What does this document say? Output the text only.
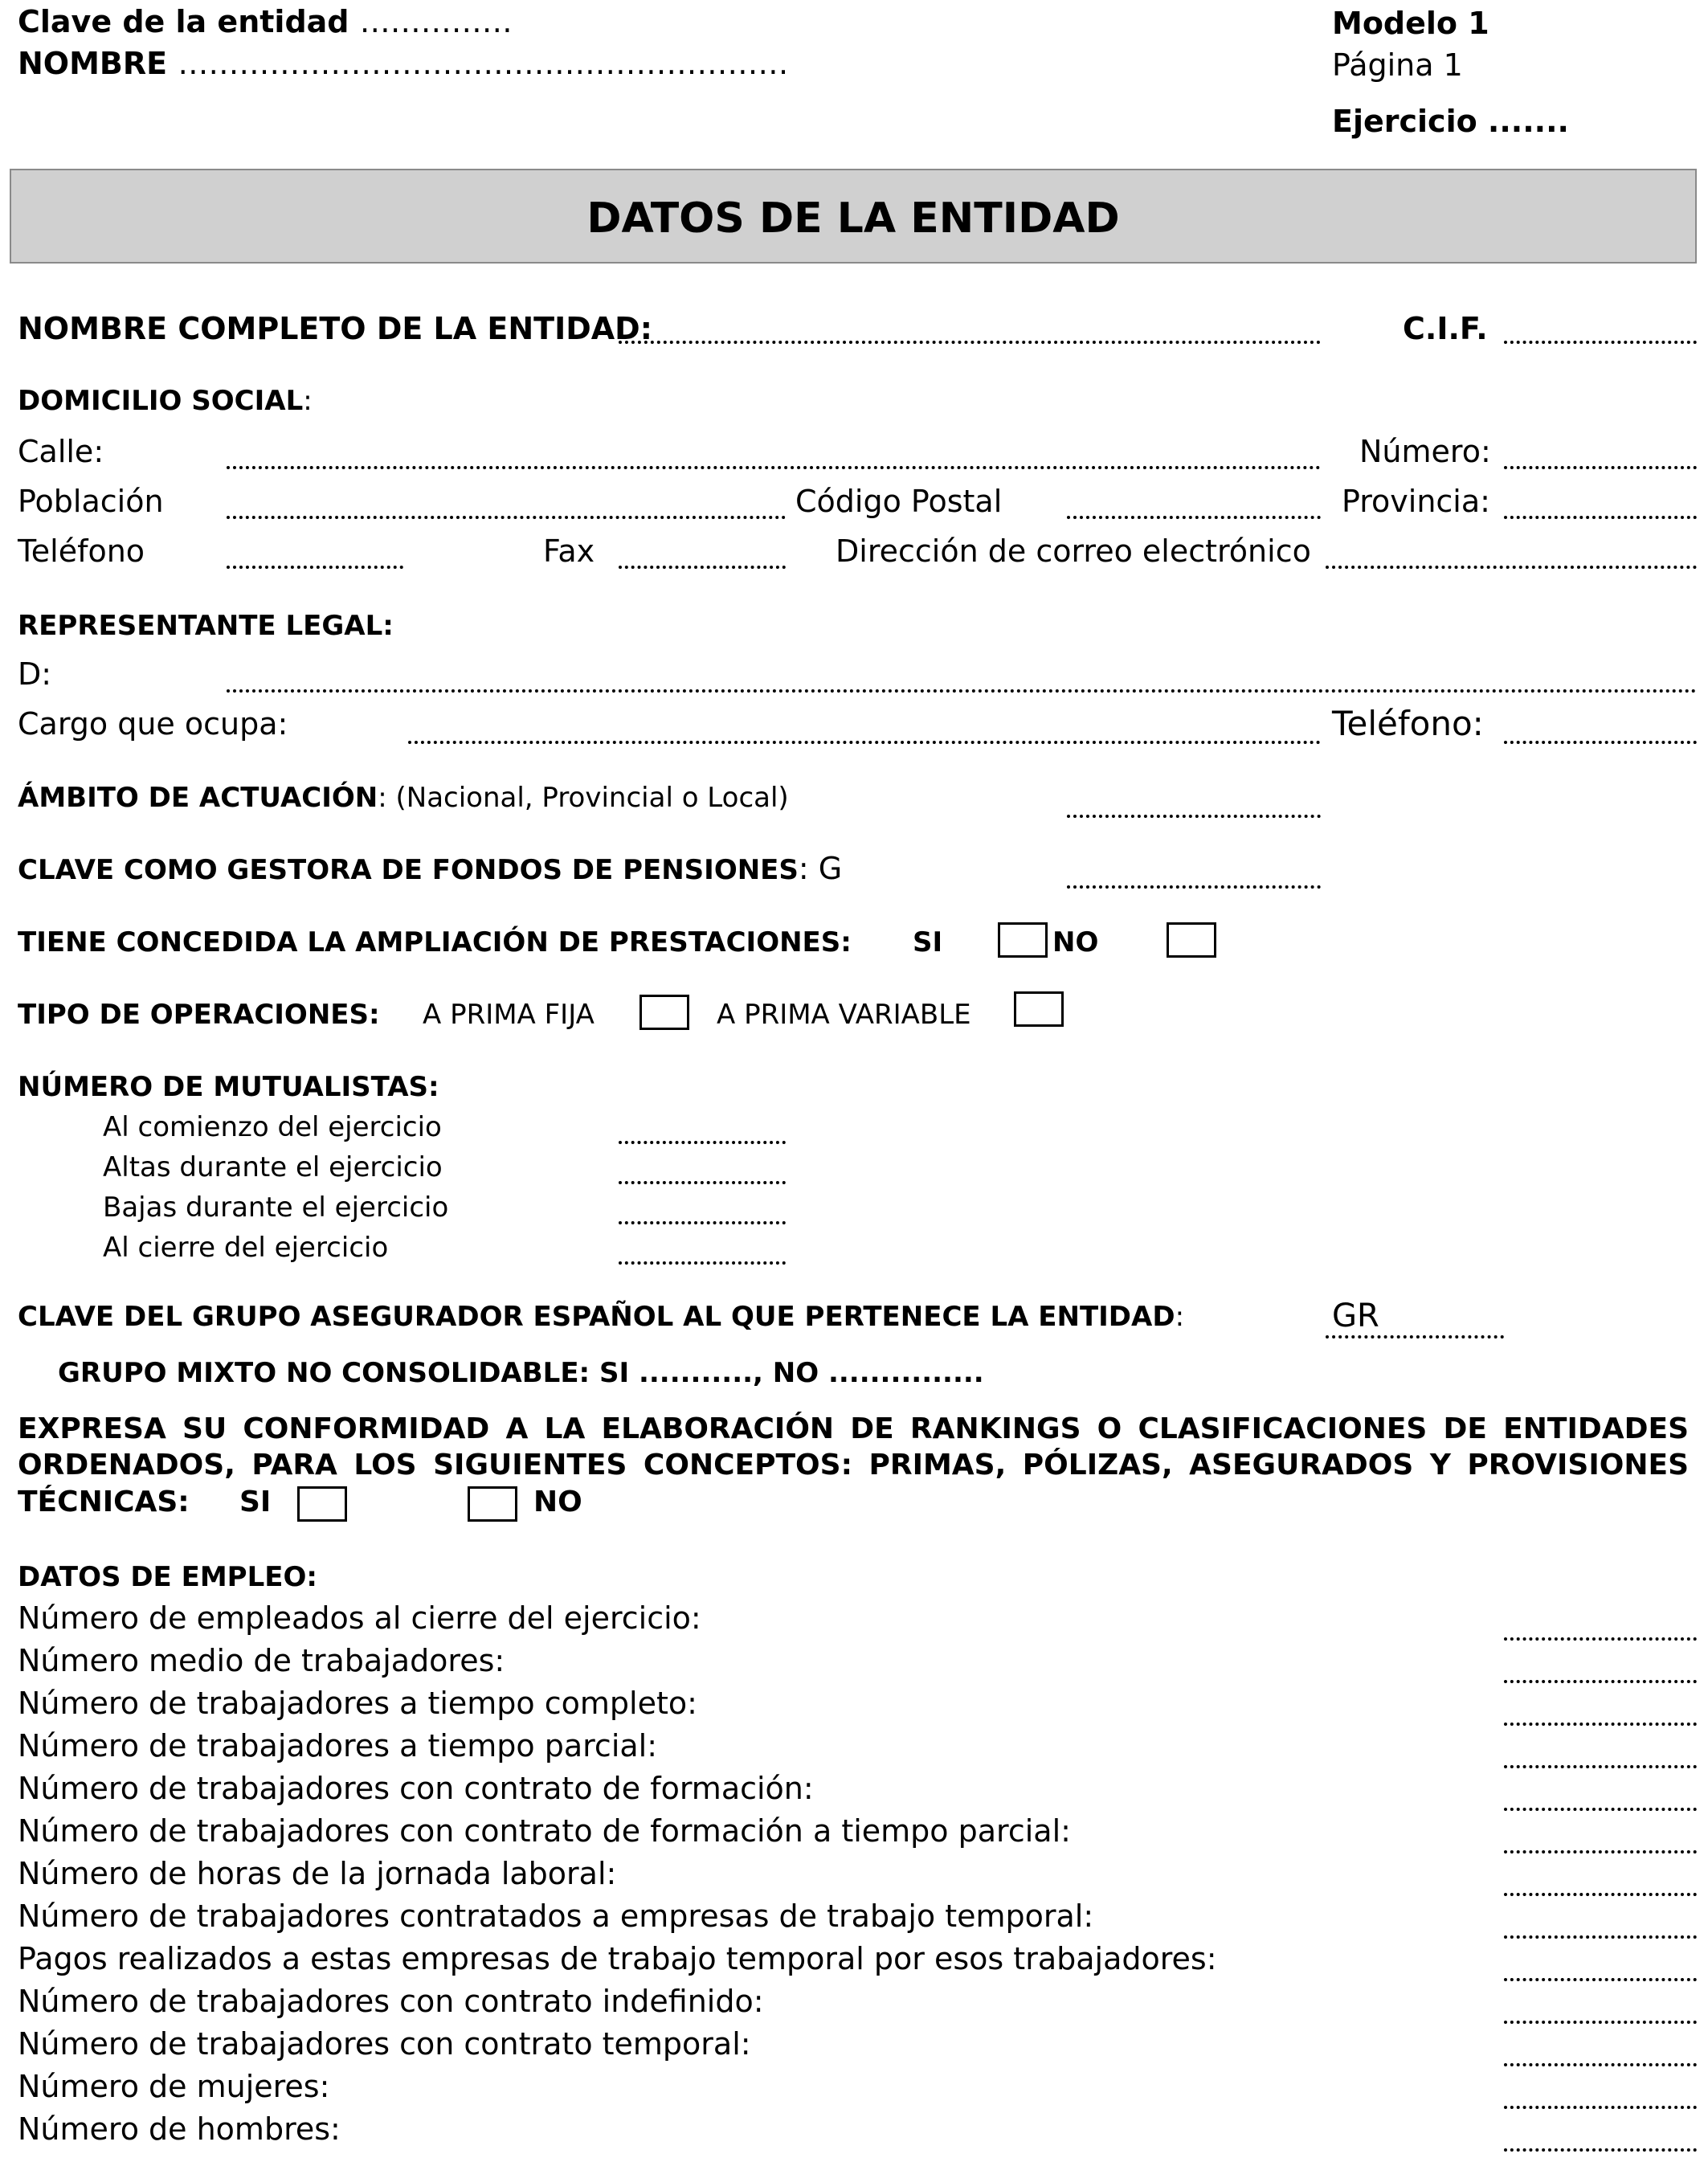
Clave de la entidad ……………
NOMBRE ……………………………………………………
Modelo 1
Página 1
Ejercicio .......
DATOS DE LA ENTIDAD
NOMBRE COMPLETO DE LA ENTIDAD:	C.I.F.
DOMICILIO SOCIAL:
Calle:	Número:
Población	Código Postal	Provincia:
Teléfono	Fax	Dirección de correo electrónico
REPRESENTANTE LEGAL:
D:
Cargo que ocupa:	Teléfono:
ÁMBITO DE ACTUACIÓN: (Nacional, Provincial o Local)
CLAVE COMO GESTORA DE FONDOS DE PENSIONES: G
TIENE CONCEDIDA LA AMPLIACIÓN DE PRESTACIONES: SI	NO
TIPO DE OPERACIONES: A PRIMA FIJA	A PRIMA VARIABLE
NÚMERO DE MUTUALISTAS:
Al comienzo del ejercicio
Altas durante el ejercicio
Bajas durante el ejercicio
Al cierre del ejercicio
CLAVE DEL GRUPO ASEGURADOR ESPAÑOL AL QUE PERTENECE LA ENTIDAD:	GR
GRUPO MIXTO NO CONSOLIDABLE: SI ..........., NO ...............
EXPRESA SU CONFORMIDAD A LA ELABORACIÓN DE RANKINGS O CLASIFICACIONES DE ENTIDADES
ORDENADOS, PARA LOS SIGUIENTES CONCEPTOS: PRIMAS, PÓLIZAS, ASEGURADOS Y PROVISIONES
TÉCNICAS: SI	NO
DATOS DE EMPLEO:
Número de empleados al cierre del ejercicio:
Número medio de trabajadores:
Número de trabajadores a tiempo completo:
Número de trabajadores a tiempo parcial:
Número de trabajadores con contrato de formación:
Número de trabajadores con contrato de formación a tiempo parcial:
Número de horas de la jornada laboral:
Número de trabajadores contratados a empresas de trabajo temporal:
Pagos realizados a estas empresas de trabajo temporal por esos trabajadores:
Número de trabajadores con contrato indefinido:
Número de trabajadores con contrato temporal:
Número de mujeres:
Número de hombres:
